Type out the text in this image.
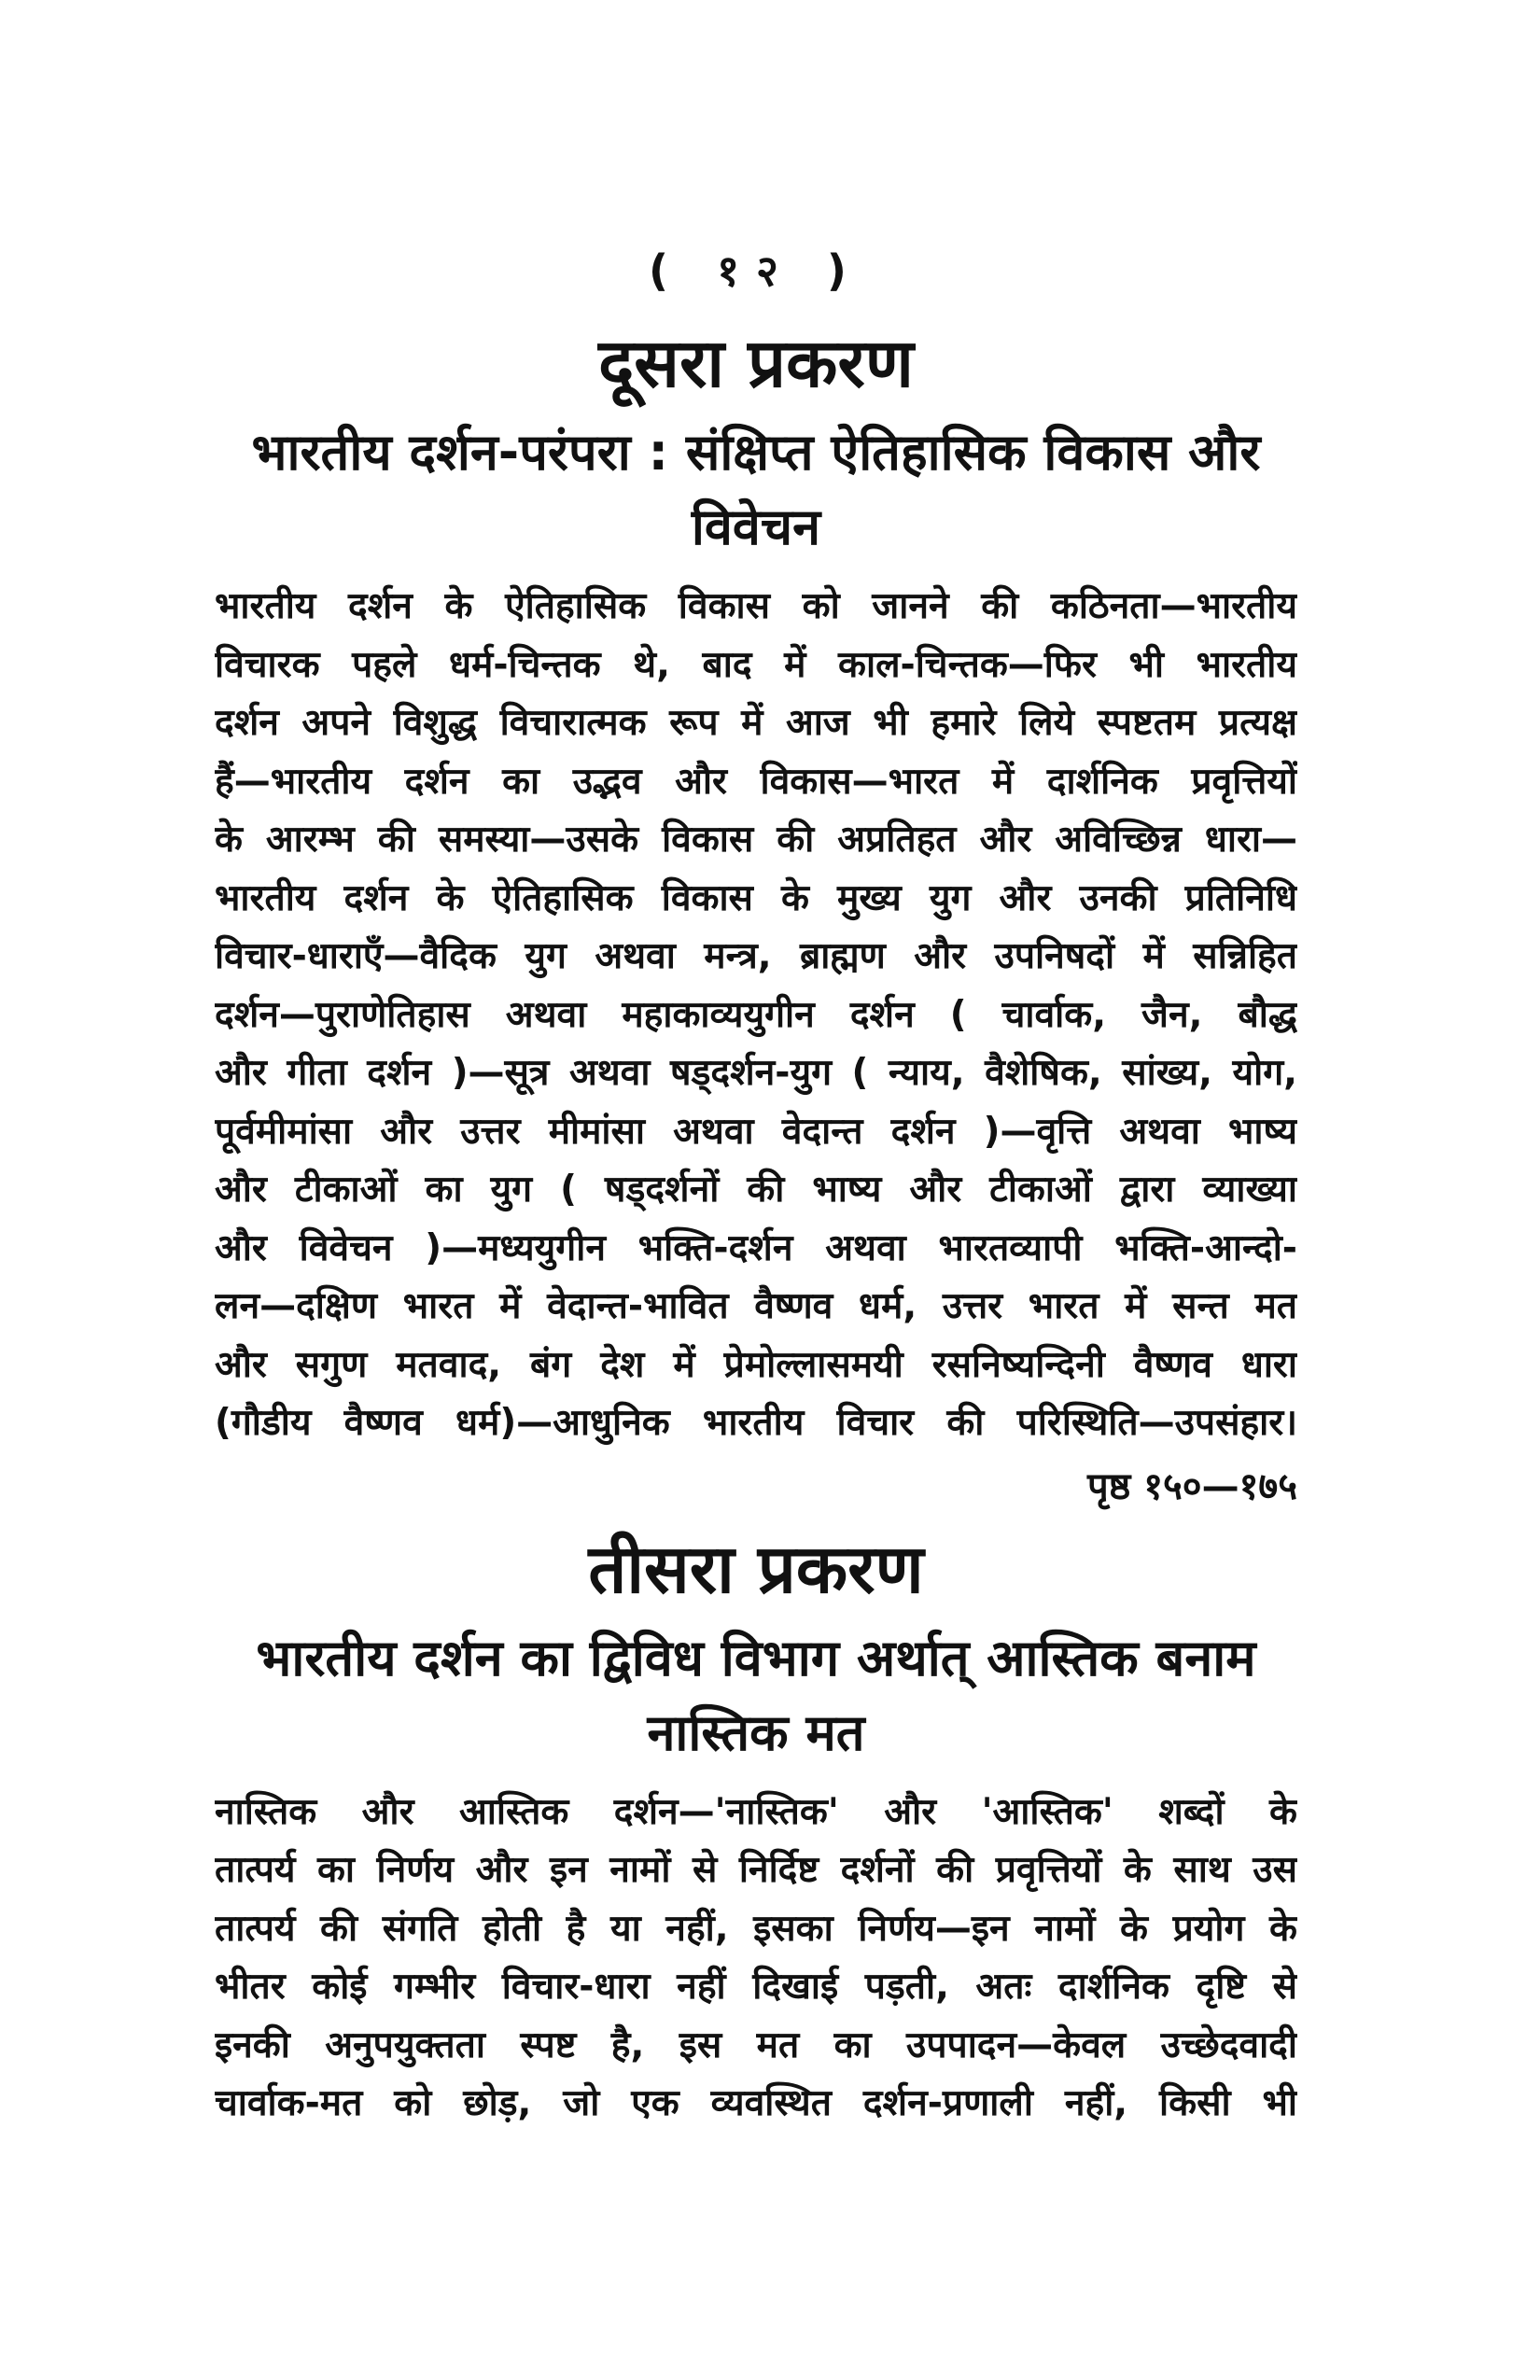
( १२ )
दूसरा प्रकरण
भारतीय दर्शन-परंपरा : संक्षिप्त ऐतिहासिक विकास और
विवेचन
भारतीय दर्शन के ऐतिहासिक विकास को जानने की कठिनता—भारतीय
विचारक पहले धर्म-चिन्तक थे, बाद में काल-चिन्तक—फिर भी भारतीय
दर्शन अपने विशुद्ध विचारात्मक रूप में आज भी हमारे लिये स्पष्टतम प्रत्यक्ष
हैं—भारतीय दर्शन का उद्भव और विकास—भारत में दार्शनिक प्रवृत्तियों
के आरम्भ की समस्या—उसके विकास की अप्रतिहत और अविच्छिन्न धारा—
भारतीय दर्शन के ऐतिहासिक विकास के मुख्य युग और उनकी प्रतिनिधि
विचार-धाराएँ—वैदिक युग अथवा मन्त्र, ब्राह्मण और उपनिषदों में सन्निहित
दर्शन—पुराणेतिहास अथवा महाकाव्ययुगीन दर्शन ( चार्वाक, जैन, बौद्ध
और गीता दर्शन )—सूत्र अथवा षड्दर्शन-युग ( न्याय, वैशेषिक, सांख्य, योग,
पूर्वमीमांसा और उत्तर मीमांसा अथवा वेदान्त दर्शन )—वृत्ति अथवा भाष्य
और टीकाओं का युग ( षड्दर्शनों की भाष्य और टीकाओं द्वारा व्याख्या
और विवेचन )—मध्ययुगीन भक्ति-दर्शन अथवा भारतव्यापी भक्ति-आन्दो-
लन—दक्षिण भारत में वेदान्त-भावित वैष्णव धर्म, उत्तर भारत में सन्त मत
और सगुण मतवाद, बंग देश में प्रेमोल्लासमयी रसनिष्यन्दिनी वैष्णव धारा
(गौडीय वैष्णव धर्म)—आधुनिक भारतीय विचार की परिस्थिति—उपसंहार।
पृष्ठ १५०—१७५
तीसरा प्रकरण
भारतीय दर्शन का द्विविध विभाग अर्थात् आस्तिक बनाम
नास्तिक मत
नास्तिक और आस्तिक दर्शन—'नास्तिक' और 'आस्तिक' शब्दों के
तात्पर्य का निर्णय और इन नामों से निर्दिष्ट दर्शनों की प्रवृत्तियों के साथ उस
तात्पर्य की संगति होती है या नहीं, इसका निर्णय—इन नामों के प्रयोग के
भीतर कोई गम्भीर विचार-धारा नहीं दिखाई पड़ती, अतः दार्शनिक दृष्टि से
इनकी अनुपयुक्तता स्पष्ट है, इस मत का उपपादन—केवल उच्छेदवादी
चार्वाक-मत को छोड़, जो एक व्यवस्थित दर्शन-प्रणाली नहीं, किसी भी
